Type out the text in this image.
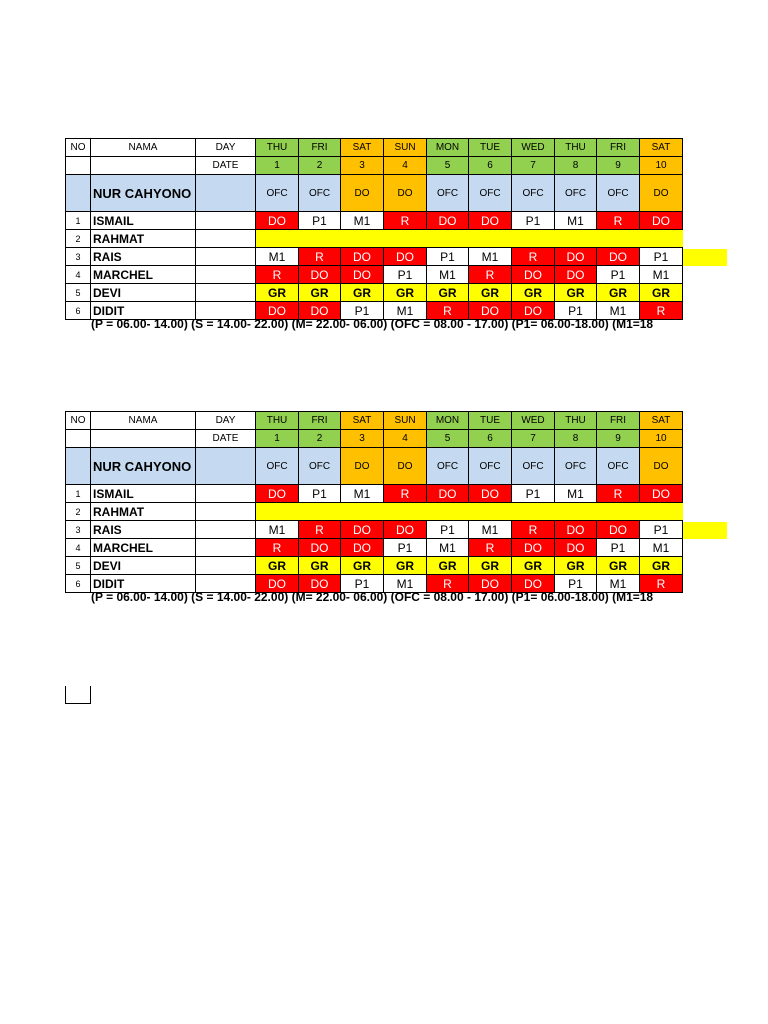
NO	NAMA	DAY	THU	FRI	SAT	SUN	MON	TUE	WED	THU	FRI	SAT
		DATE	1	2	3	4	5	6	7	8	9	10
	NUR CAHYONO		OFC	OFC	DO	DO	OFC	OFC	OFC	OFC	OFC	DO
1	ISMAIL		DO	P1	M1	R	DO	DO	P1	M1	R	DO
2	RAHMAT											
3	RAIS		M1	R	DO	DO	P1	M1	R	DO	DO	P1
4	MARCHEL		R	DO	DO	P1	M1	R	DO	DO	P1	M1
5	DEVI		GR	GR	GR	GR	GR	GR	GR	GR	GR	GR
6	DIDIT		DO	DO	P1	M1	R	DO	DO	P1	M1	R
(P = 06.00- 14.00) (S = 14.00- 22.00) (M= 22.00- 06.00) (OFC = 08.00 - 17.00) (P1= 06.00-18.00) (M1=18
NO	NAMA	DAY	THU	FRI	SAT	SUN	MON	TUE	WED	THU	FRI	SAT
		DATE	1	2	3	4	5	6	7	8	9	10
	NUR CAHYONO		OFC	OFC	DO	DO	OFC	OFC	OFC	OFC	OFC	DO
1	ISMAIL		DO	P1	M1	R	DO	DO	P1	M1	R	DO
2	RAHMAT											
3	RAIS		M1	R	DO	DO	P1	M1	R	DO	DO	P1
4	MARCHEL		R	DO	DO	P1	M1	R	DO	DO	P1	M1
5	DEVI		GR	GR	GR	GR	GR	GR	GR	GR	GR	GR
6	DIDIT		DO	DO	P1	M1	R	DO	DO	P1	M1	R
(P = 06.00- 14.00) (S = 14.00- 22.00) (M= 22.00- 06.00) (OFC = 08.00 - 17.00) (P1= 06.00-18.00) (M1=18
